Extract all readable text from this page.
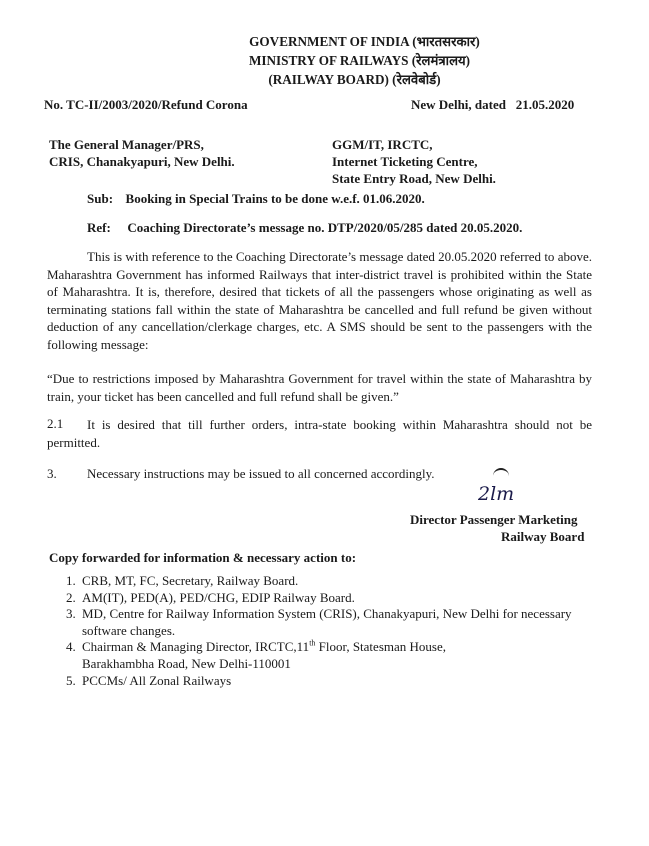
GOVERNMENT OF INDIA (भारतसरकार)
MINISTRY OF RAILWAYS (रेलमंत्रालय)
(RAILWAY BOARD) (रेलवेबोर्ड)
No. TC-II/2003/2020/Refund Corona	New Delhi, dated   21.05.2020
The General Manager/PRS,
CRIS, Chanakyapuri, New Delhi.
GGM/IT, IRCTC,
Internet Ticketing Centre,
State Entry Road, New Delhi.
Sub: Booking in Special Trains to be done w.e.f. 01.06.2020.
Ref: Coaching Directorate’s message no. DTP/2020/05/285 dated 20.05.2020.
This is with reference to the Coaching Directorate’s message dated 20.05.2020 referred to above. Maharashtra Government has informed Railways that inter-district travel is prohibited within the State of Maharashtra. It is, therefore, desired that tickets of all the passengers whose originating as well as terminating stations fall within the state of Maharashtra be cancelled and full refund be given without deduction of any cancellation/clerkage charges, etc. A SMS should be sent to the passengers with the following message:
“Due to restrictions imposed by Maharashtra Government for travel within the state of Maharashtra by train, your ticket has been cancelled and full refund shall be given.”
2.1	It is desired that till further orders, intra-state booking within Maharashtra should not be permitted.
3. Necessary instructions may be issued to all concerned accordingly.
2lm
Director Passenger Marketing
Railway Board
Copy forwarded for information & necessary action to:
1. CRB, MT, FC, Secretary, Railway Board.
2. AM(IT), PED(A), PED/CHG, EDIP Railway Board.
3. MD, Centre for Railway Information System (CRIS), Chanakyapuri, New Delhi for necessary software changes.
4. Chairman & Managing Director, IRCTC,11th Floor, Statesman House,
Barakhambha Road, New Delhi-110001
5. PCCMs/ All Zonal Railways
